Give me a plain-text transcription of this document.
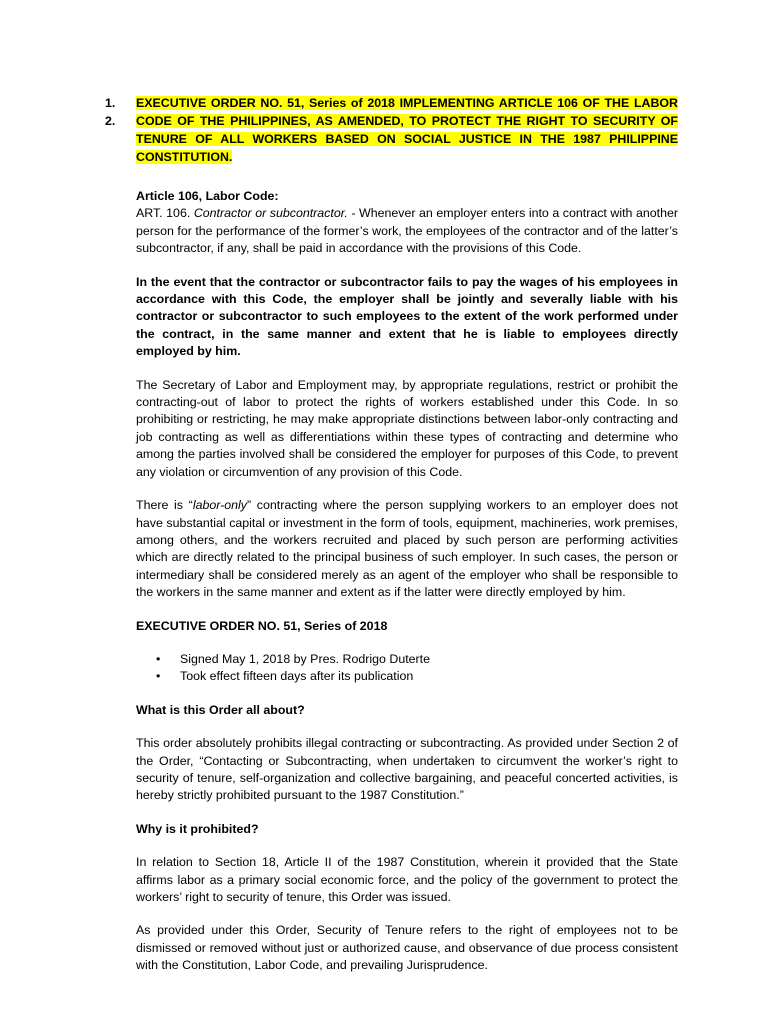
1.
2.
EXECUTIVE ORDER NO. 51, Series of 2018 IMPLEMENTING ARTICLE 106 OF THE LABOR CODE OF THE PHILIPPINES, AS AMENDED, TO PROTECT THE RIGHT TO SECURITY OF TENURE OF ALL WORKERS BASED ON SOCIAL JUSTICE IN THE 1987 PHILIPPINE CONSTITUTION.

Article 106, Labor Code:

ART. 106. Contractor or subcontractor. - Whenever an employer enters into a contract with another person for the performance of the former’s work, the employees of the contractor and of the latter’s subcontractor, if any, shall be paid in accordance with the provisions of this Code.

In the event that the contractor or subcontractor fails to pay the wages of his employees in accordance with this Code, the employer shall be jointly and severally liable with his contractor or subcontractor to such employees to the extent of the work performed under the contract, in the same manner and extent that he is liable to employees directly employed by him.

The Secretary of Labor and Employment may, by appropriate regulations, restrict or prohibit the contracting-out of labor to protect the rights of workers established under this Code. In so prohibiting or restricting, he may make appropriate distinctions between labor-only contracting and job contracting as well as differentiations within these types of contracting and determine who among the parties involved shall be considered the employer for purposes of this Code, to prevent any violation or circumvention of any provision of this Code.

There is “labor-only” contracting where the person supplying workers to an employer does not have substantial capital or investment in the form of tools, equipment, machineries, work premises, among others, and the workers recruited and placed by such person are performing activities which are directly related to the principal business of such employer. In such cases, the person or intermediary shall be considered merely as an agent of the employer who shall be responsible to the workers in the same manner and extent as if the latter were directly employed by him.

EXECUTIVE ORDER NO. 51, Series of 2018

• Signed May 1, 2018 by Pres. Rodrigo Duterte
• Took effect fifteen days after its publication

What is this Order all about?

This order absolutely prohibits illegal contracting or subcontracting. As provided under Section 2 of the Order, “Contacting or Subcontracting, when undertaken to circumvent the worker’s right to security of tenure, self-organization and collective bargaining, and peaceful concerted activities, is hereby strictly prohibited pursuant to the 1987 Constitution.”

Why is it prohibited?

In relation to Section 18, Article II of the 1987 Constitution, wherein it provided that the State affirms labor as a primary social economic force, and the policy of the government to protect the workers’ right to security of tenure, this Order was issued.

As provided under this Order, Security of Tenure refers to the right of employees not to be dismissed or removed without just or authorized cause, and observance of due process consistent with the Constitution, Labor Code, and prevailing Jurisprudence.
